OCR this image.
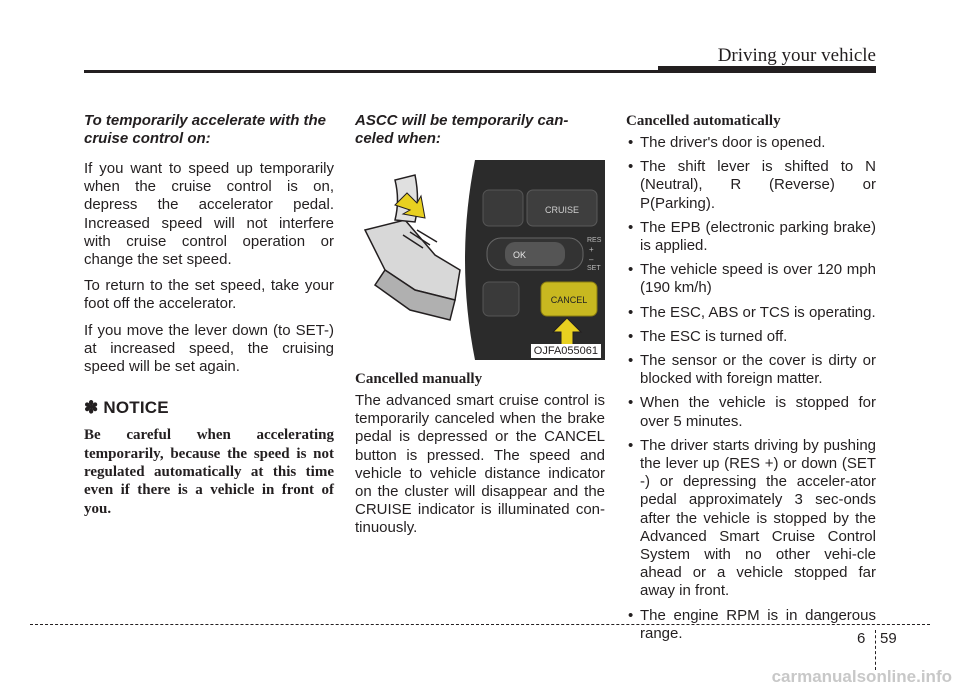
Driving your vehicle
To temporarily accelerate with the cruise control on:

If you want to speed up temporarily when the cruise control is on, depress the accelerator pedal. Increased speed will not interfere with cruise control operation or change the set speed.

To return to the set speed, take your foot off the accelerator.

If you move the lever down (to SET-) at increased speed, the cruising speed will be set again.

✽ NOTICE

Be careful when accelerating temporarily, because the speed is not regulated automatically at this time even if there is a vehicle in front of you.

ASCC will be temporarily can-celed when:
CRUISE
OK
RES
+
–
SET
CANCEL
OJFA055061
Cancelled manually

The advanced smart cruise control is temporarily canceled when the brake pedal is depressed or the CANCEL button is pressed. The speed and vehicle to vehicle distance indicator on the cluster will disappear and the CRUISE indicator is illuminated con-tinuously.

Cancelled automatically
• The driver's door is opened.
• The shift lever is shifted to N (Neutral), R (Reverse) or P(Parking).
• The EPB (electronic parking brake) is applied.
• The vehicle speed is over 120 mph (190 km/h)
• The ESC, ABS or TCS is operating.
• The ESC is turned off.
• The sensor or the cover is dirty or blocked with foreign matter.
• When the vehicle is stopped for over 5 minutes.
• The driver starts driving by pushing the lever up (RES +) or down (SET -) or depressing the acceler-ator pedal approximately 3 sec-onds after the vehicle is stopped by the Advanced Smart Cruise Control System with no other vehi-cle ahead or a vehicle stopped far away in front.
• The engine RPM is in dangerous range.	6 59
carmanualsonline.info
